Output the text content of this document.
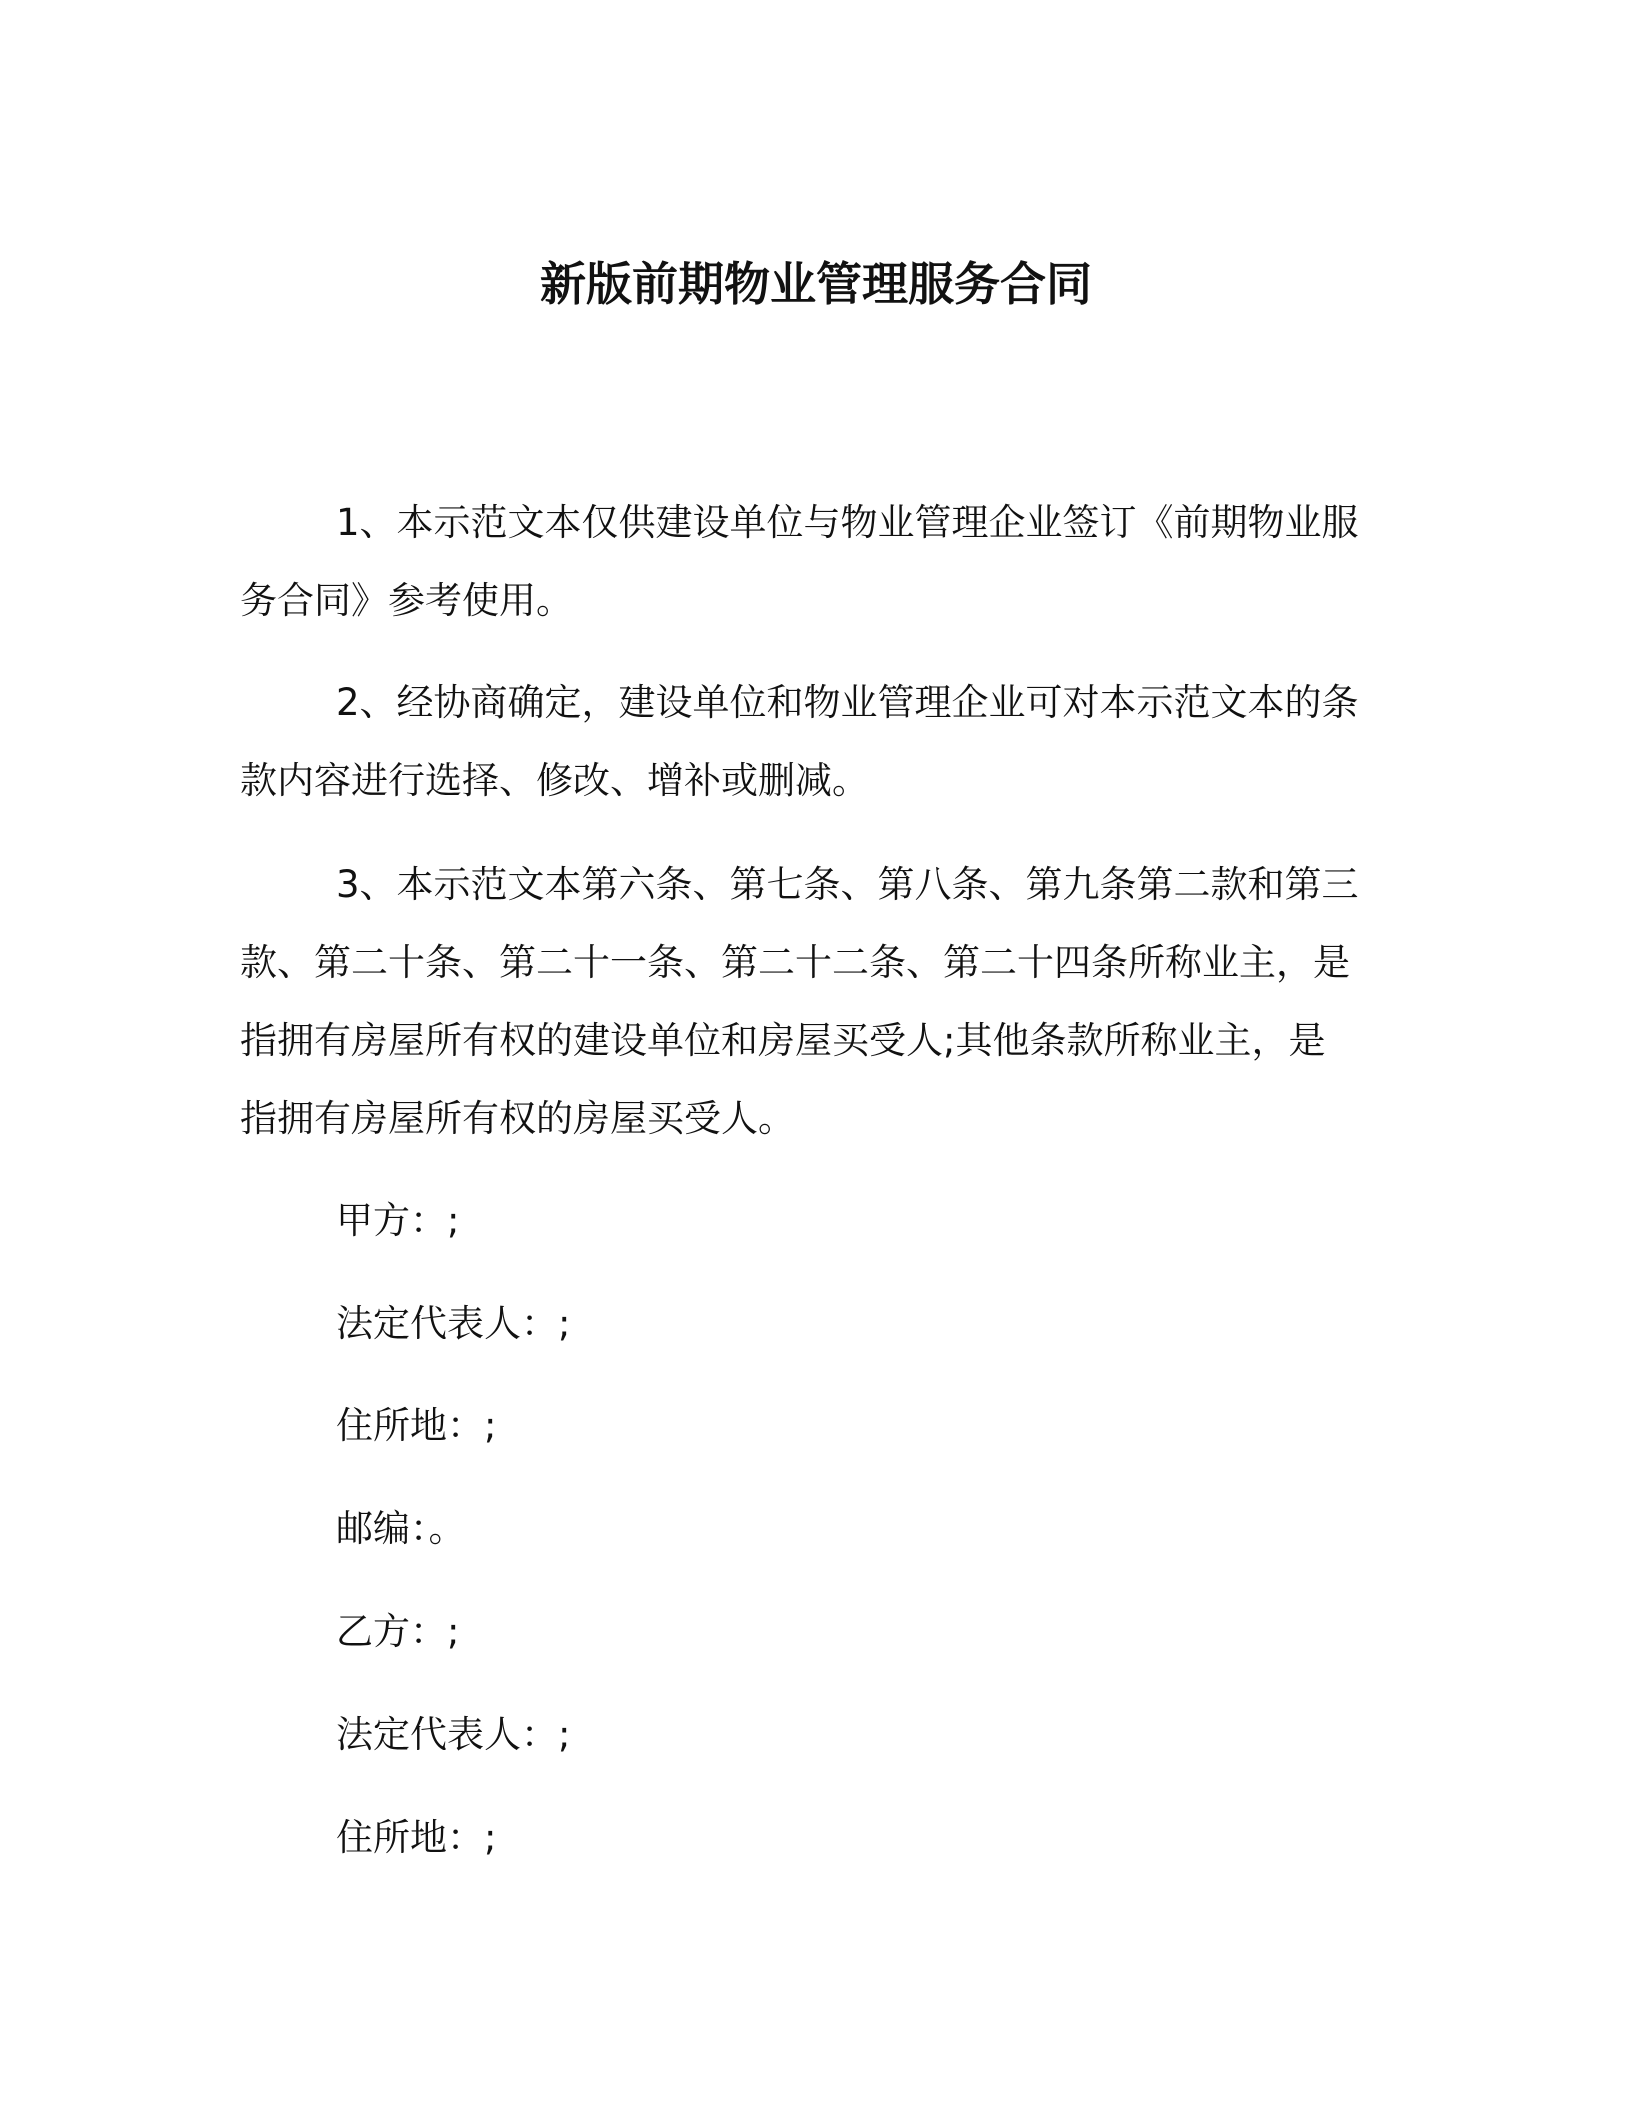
新版前期物业管理服务合同

1、本示范文本仅供建设单位与物业管理企业签订《前期物业服务合同》参考使用。

2、经协商确定，建设单位和物业管理企业可对本示范文本的条款内容进行选择、修改、增补或删减。

3、本示范文本第六条、第七条、第八条、第九条第二款和第三款、第二十条、第二十一条、第二十二条、第二十四条所称业主，是指拥有房屋所有权的建设单位和房屋买受人;其他条款所称业主，是指拥有房屋所有权的房屋买受人。

甲方：;

法定代表人：;

住所地：;

邮编：。

乙方：;

法定代表人：;

住所地：;
